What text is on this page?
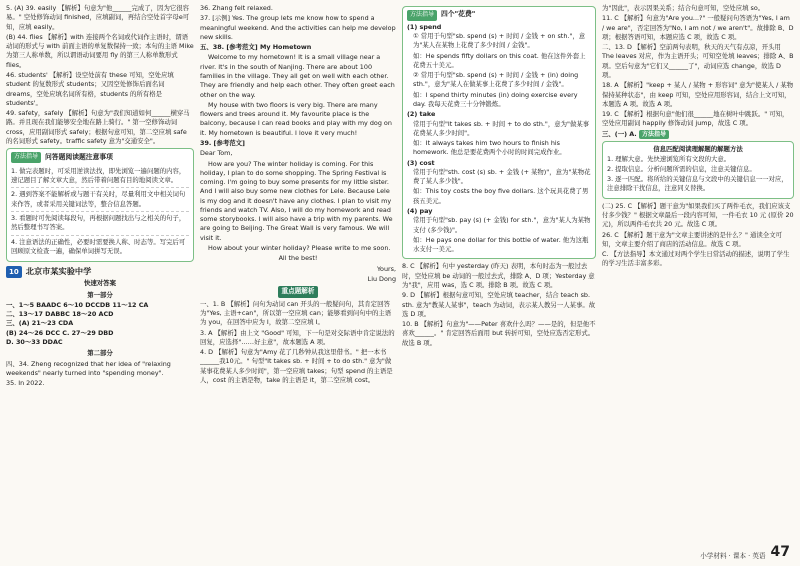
5. (A) 39. easily 【解析】句意为"他______完成了，因为它很容易。" 空处修饰动词 finished，应填副词，再结合空处首字母e可知，应填 easily。

(B) 44. flies 【解析】with 连接两个名词或代词作主语时，谓语动词的形式与 with 前面主语的单复数保持一致；本句的主语 Mike 为第三人称单数，所以谓语动词要用 fly 的第三人称单数形式 flies。

46. students' 【解析】设空处前有 these 可知，空处应填 student 的复数形式 students；又因空处修饰后面名词 dreams，空处应填名词所有格，students 的所有格是 students'。

49. safety，safely 【解析】句意为"我们知道如何______横穿马路。并且现在我们能够安全地在路上骑行。" 第一空修饰动词 cross，应用副词形式 safely；根据句意可知，第二空应填 safe 的名词形式 safety。traffic safety 意为"交通安全"。

方法指导	问答题阅读题注意事项
1. 做完表题时，可采用逆读法找，即先浏览一遍问题的内容，速记题目了解文章大意，然后带着问题有目的地阅读文章。
2. 遇到答案不能解析或与题干有关时，尽量利用文中相关词句来作答，或者采用关键词法等，整合信息答题。
3. 看题时可先阅读每段句，再根据问题找出与之相关的句子，然后整理书写答案。
4. 注意语法的正确性，必要时需要换人称、时态等。写完后可回顾原文检查一遍，确保单词拼写无误。
10 北京市某实验中学
快速对答案
第一部分

一、1～5 BAADC 6～10 DCCDB 11～12 CA

二、13～17 DABBC 18～20 ACD

三、(A) 21～23 CDA

(B) 24～26 DCC C. 27～29 DBD

D. 30～33 DDAC

第二部分

四、34. Zheng recognized that her idea of "relaxing weekends" nearly turned into "spending money".

35. In 2022.

36. Zhang felt relaxed.

37. [示例] Yes. The group lets me know how to spend a meaningful weekend. And the activities can help me develop new skills.

五、38. [参考范文] My Hometown

Welcome to my hometown! It is a small village near a river. It's in the south of Nanjing. There are about 100 families in the village. They all get on well with each other. They are friendly and help each other. They often greet each other on the way.

My house with two floors is very big. There are many flowers and trees around it. My favourite place is the balcony, because I can read books and play with my dog on it. My hometown is beautiful. I love it very much!

39. [参考范文]

Dear Tom,

How are you? The winter holiday is coming. For this holiday, I plan to do some shopping. The Spring Festival is coming. I'm going to buy some presents for my little sister. And I will also buy some new clothes for Lele. Because Lele is my dog and it doesn't have any clothes. I plan to visit my friends and watch TV. Also, I will do my homework and read some storybooks. I will also have a trip with my parents. We are going to Beijing. The Great Wall is very famous. We will visit it.

How about your winter holiday? Please write to me soon.

All the best!

Yours,

Liu Dong

重点题解析

一、1. B 【解析】问句为动词 can 开头的一般疑问句，其肯定回答为"Yes, 主语+can"，所以第一空应填 can；能够看到问句中的主语为 you，在回答中应为 I，故第二空应填 I。

3. A 【解析】由上文 "Good" 可知，下一句是对交际语中肯定说法的回复，应选择"……好主意"，故本题选 A 项。

4. D 【解析】句意为"Amy 花了几秒钟从我这里借书。" 把一本书______我10元。" 句型"It takes sb. + 时间 + to do sth." 意为"做某事花费某人多少时间"，第一空应填 takes；句型 spend 的主语是人，cost 的主语是物，take 的主语是 it，第二空应填 cost。

方法指导	四个"花费"
(1) spend

① 常用于句型"sb. spend (s) + 时间 / 金钱 + on sth."，意为"某人在某物上花费了多少时间 / 金钱"。

如：He spends fifty dollars on this coat. 他在这件外套上花费五十美元。

② 常用于句型"sb. spend (s) + 时间 / 金钱 + (in) doing sth."，意为"某人在做某事上花费了多少时间 / 金钱"。

如：I spend thirty minutes (in) doing exercise every day. 我每天花费三十分钟锻炼。

(2) take

常用于句型"It takes sb. + 时间 + to do sth."，意为"做某事花费某人多少时间"。

如：It always takes him two hours to finish his homework. 他总是要花费两个小时的时间完成作业。

(3) cost

常用于句型"sth. cost (s) sb. + 金钱 (+ 某物)"，意为"某物花费了某人多少钱"。

如：This toy costs the boy five dollars. 这个玩具花费了男孩五美元。

(4) pay

常用于句型"sb. pay (s) (+ 金钱) for sth."，意为"某人为某物支付 (多少钱)"。

如：He pays one dollar for this bottle of water. 他为这瓶水支付一美元。

8. C 【解析】句中 yesterday (昨天) 表明，本句时态为一般过去时，空处应填 be 动词的一般过去式，排除 A、D 项；Yesterday 意为"我"，应用 was，选 C 项。排除 B 项。故选 C 项。

9. D 【解析】根据句意可知，空处应填 teacher，结合 teach sb. sth. 意为"教某人某事"，teach 为动词，表示某人教另一人某事。故选 D 项。

10. B 【解析】句意为"——Peter 喜欢什么吗？——是的，但是他不喜欢______。" 肯定回答后面用 but 转折可知，空处应选否定形式。故选 B 项。

为"因此"，表示因果关系；结合句意可知，空处应填 so。

11. C 【解析】句意为"Are you...?" 一般疑问句答语为"Yes, I am / we are"，否定回答为"No, I am not / we aren't"。故排除 B、D 项；根据答语可知，本题应选 C 项，故选 C 项。

二、13. D 【解析】空前两句表明，秋天的天气有点凉，开头用 The leaves 对应，作为主语开头；可知空处填 leaves；排除 A、B 项。空后句意为"它们又______了"，动词应选 change，故选 D 项。

18. A 【解析】"keep + 某人 / 某物 + 形容词" 意为"使某人 / 某物保持某种状态"，由 keep 可知，空处应用形容词，结合上文可知，本题选 A 项。故选 A 项。

19. C 【解析】根据句意"他们很______地在树叶中跳跃。" 可知，空处应用副词 happily 修饰动词 jump，故选 C 项。

三、(一) A. 方法指导
信息匹配阅读理解题的解题方法

1. 理解大意。先快速浏览所有文段的大意。

2. 提取信息。分析问题所需的信息，注意关键信息。

3. 逐一匹配。将所给的关键信息与文段中的关键信息一一对应，注意排除干扰信息，注意同义替换。

(二) 25. C 【解析】题干意为"如果我们买了两件毛衣，我们应该支付多少钱？" 根据文章最后一段内容可知，一件毛衣 10 元 (原价 20 元)，所以两件毛衣共 20 元。故选 C 项。

26. C 【解析】题干意为"文章主要讲述的是什么？" 通读全文可知，文章主要介绍了商店的活动信息。故选 C 项。

C. 【方法指导】本文通过对两个学生日常活动的描述，说明了学生的学习生活丰富多彩。

小学材料 · 课本 · 英语 47
